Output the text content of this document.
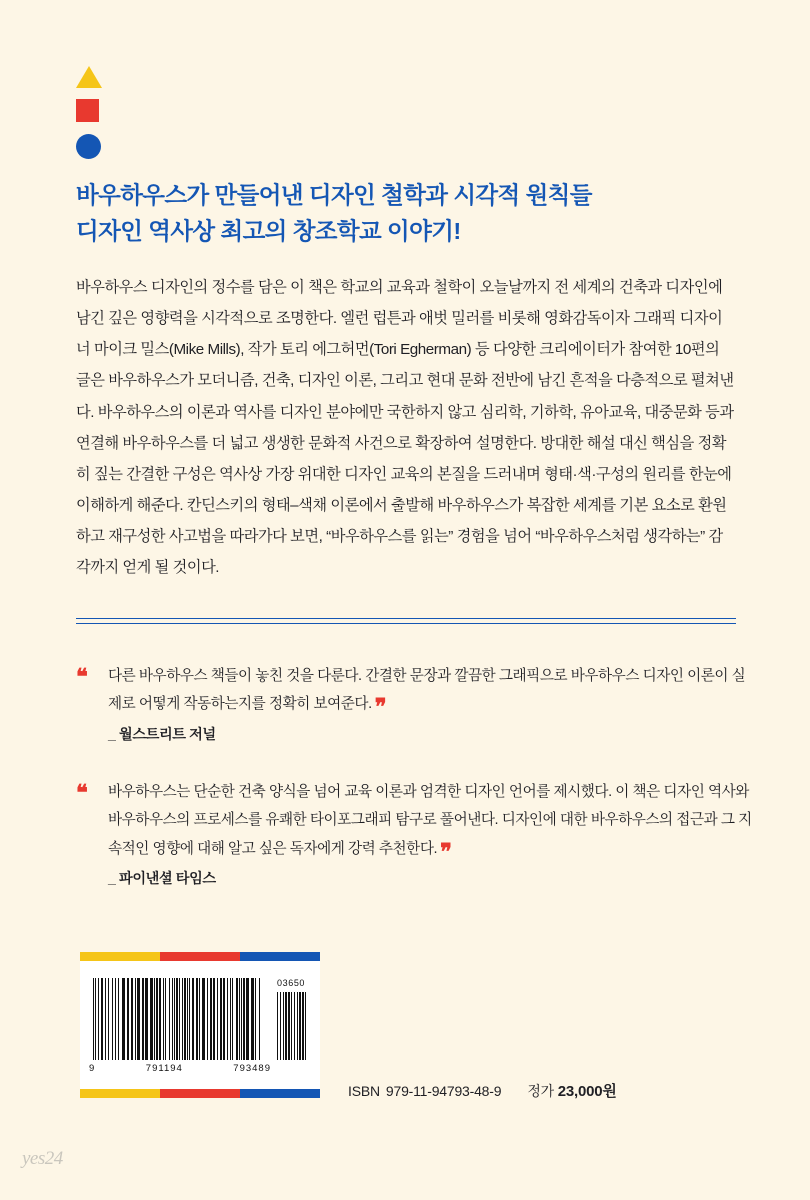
바우하우스가 만들어낸 디자인 철학과 시각적 원칙들
디자인 역사상 최고의 창조학교 이야기!

바우하우스 디자인의 정수를 담은 이 책은 학교의 교육과 철학이 오늘날까지 전 세계의 건축과 디자인에 남긴 깊은 영향력을 시각적으로 조명한다. 엘런 럽튼과 애벗 밀러를 비롯해 영화감독이자 그래픽 디자이너 마이크 밀스(Mike Mills), 작가 토리 에그허먼(Tori Egherman) 등 다양한 크리에이터가 참여한 10편의 글은 바우하우스가 모더니즘, 건축, 디자인 이론, 그리고 현대 문화 전반에 남긴 흔적을 다층적으로 펼쳐낸다. 바우하우스의 이론과 역사를 디자인 분야에만 국한하지 않고 심리학, 기하학, 유아교육, 대중문화 등과 연결해 바우하우스를 더 넓고 생생한 문화적 사건으로 확장하여 설명한다. 방대한 해설 대신 핵심을 정확히 짚는 간결한 구성은 역사상 가장 위대한 디자인 교육의 본질을 드러내며 형태·색·구성의 원리를 한눈에 이해하게 해준다. 칸딘스키의 형태–색채 이론에서 출발해 바우하우스가 복잡한 세계를 기본 요소로 환원하고 재구성한 사고법을 따라가다 보면, “바우하우스를 읽는” 경험을 넘어 “바우하우스처럼 생각하는” 감각까지 얻게 될 것이다.

❝ 다른 바우하우스 책들이 놓친 것을 다룬다. 간결한 문장과 깔끔한 그래픽으로 바우하우스 디자인 이론이 실제로 어떻게 작동하는지를 정확히 보여준다. ❞
_ 월스트리트 저널
❝ 바우하우스는 단순한 건축 양식을 넘어 교육 이론과 엄격한 디자인 언어를 제시했다. 이 책은 디자인 역사와 바우하우스의 프로세스를 유쾌한 타이포그래피 탐구로 풀어낸다. 디자인에 대한 바우하우스의 접근과 그 지속적인 영향에 대해 알고 싶은 독자에게 강력 추천한다. ❞
_ 파이낸셜 타임스
03650
9	791194	793489
ISBN 979-11-94793-48-9 정가 23,000원
yes24
